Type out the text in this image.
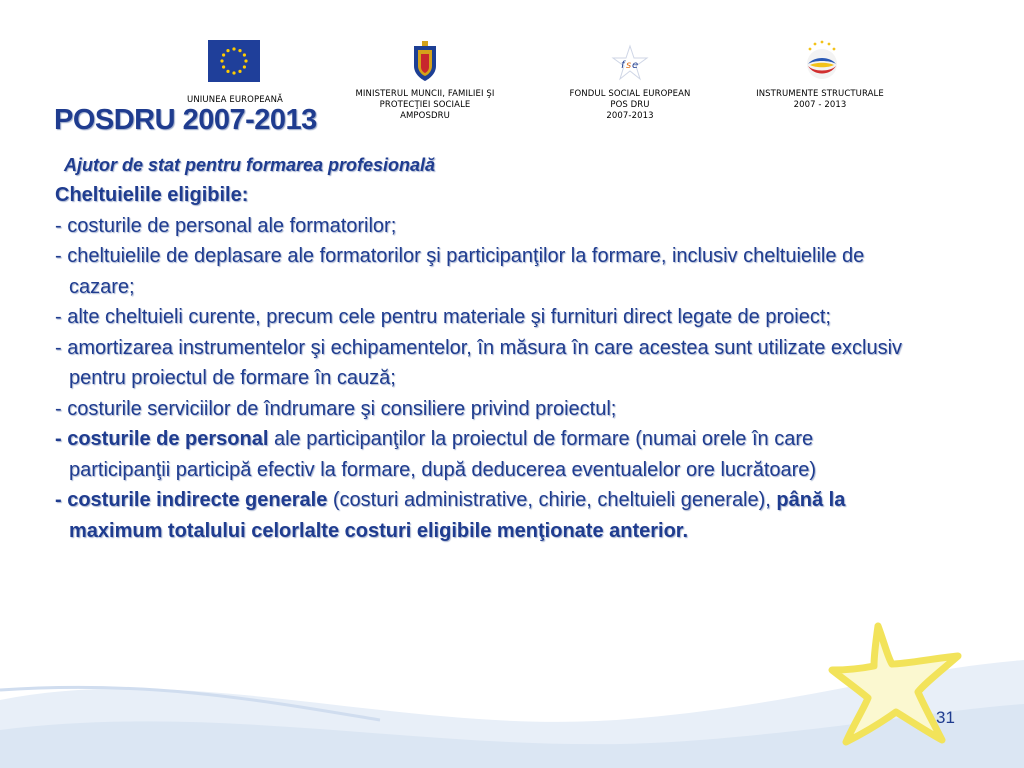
UNIUNEA EUROPEANĂ
MINISTERUL MUNCII, FAMILIEI ŞI
PROTECŢIEI SOCIALE
AMPOSDRU
f s e
FONDUL SOCIAL EUROPEAN
POS DRU
2007-2013
INSTRUMENTE STRUCTURALE
2007 - 2013
POSDRU 2007-2013

Ajutor de stat pentru formarea profesională

Cheltuielile eligibile:
- costurile de personal ale formatorilor;
- cheltuielile de deplasare ale formatorilor şi participanţilor la formare, inclusiv cheltuielile de cazare;
- alte cheltuieli curente, precum cele pentru materiale şi furnituri direct legate de proiect;
- amortizarea instrumentelor şi echipamentelor, în măsura în care acestea sunt utilizate exclusiv pentru proiectul de formare în cauză;
- costurile serviciilor de îndrumare şi consiliere privind proiectul;
- costurile de personal ale participanţilor la proiectul de formare (numai orele în care participanţii participă efectiv la formare, după deducerea eventualelor ore lucrătoare)
- costurile indirecte generale (costuri administrative, chirie, cheltuieli generale), până la maximum totalului celorlalte costuri eligibile menţionate anterior.
31
